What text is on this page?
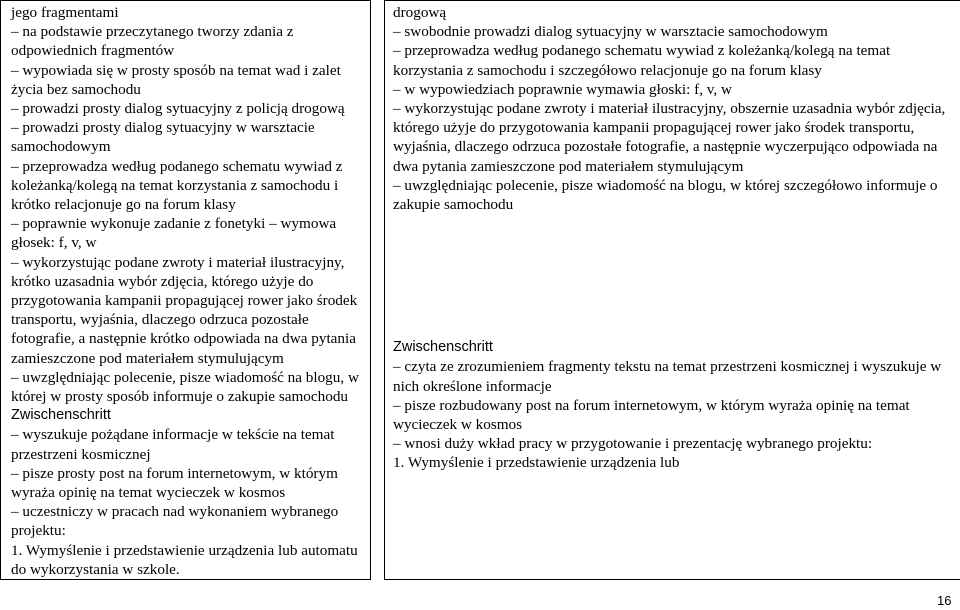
jego fragmentami
– na podstawie przeczytanego tworzy zdania z odpowiednich fragmentów
– wypowiada się w prosty sposób na temat wad i zalet życia bez samochodu
– prowadzi prosty dialog sytuacyjny z policją drogową
– prowadzi prosty dialog sytuacyjny w warsztacie samochodowym
– przeprowadza według podanego schematu wywiad z koleżanką/kolegą na temat korzystania z samochodu i krótko relacjonuje go na forum klasy
– poprawnie wykonuje zadanie z fonetyki – wymowa głosek: f, v, w
– wykorzystując podane zwroty i materiał ilustracyjny, krótko uzasadnia wybór zdjęcia, którego użyje do przygotowania kampanii propagującej rower jako środek transportu, wyjaśnia, dlaczego odrzuca pozostałe fotografie, a następnie krótko odpowiada na dwa pytania zamieszczone pod materiałem stymulującym
– uwzględniając polecenie, pisze wiadomość na blogu, w której w prosty sposób informuje o zakupie samochodu
Zwischenschritt
– wyszukuje pożądane informacje w tekście na temat przestrzeni kosmicznej
– pisze prosty post na forum internetowym, w którym wyraża opinię na temat wycieczek w kosmos
– uczestniczy w pracach nad wykonaniem wybranego projektu:
1. Wymyślenie i przedstawienie urządzenia lub automatu do wykorzystania w szkole.

drogową
– swobodnie prowadzi dialog sytuacyjny w warsztacie samochodowym
– przeprowadza według podanego schematu wywiad z koleżanką/kolegą na temat korzystania z samochodu i szczegółowo relacjonuje go na forum klasy
– w wypowiedziach poprawnie wymawia głoski: f, v, w
– wykorzystując podane zwroty i materiał ilustracyjny, obszernie uzasadnia wybór zdjęcia, którego użyje do przygotowania kampanii propagującej rower jako środek transportu, wyjaśnia, dlaczego odrzuca pozostałe fotografie, a następnie wyczerpująco odpowiada na dwa pytania zamieszczone pod materiałem stymulującym
– uwzględniając polecenie, pisze wiadomość na blogu, w której szczegółowo informuje o zakupie samochodu
Zwischenschritt
– czyta ze zrozumieniem fragmenty tekstu na temat przestrzeni kosmicznej i wyszukuje w nich określone informacje
– pisze rozbudowany post na forum internetowym, w którym wyraża opinię na temat wycieczek w kosmos
– wnosi duży wkład pracy w przygotowanie i prezentację wybranego projektu:
1. Wymyślenie i przedstawienie urządzenia lub
16
